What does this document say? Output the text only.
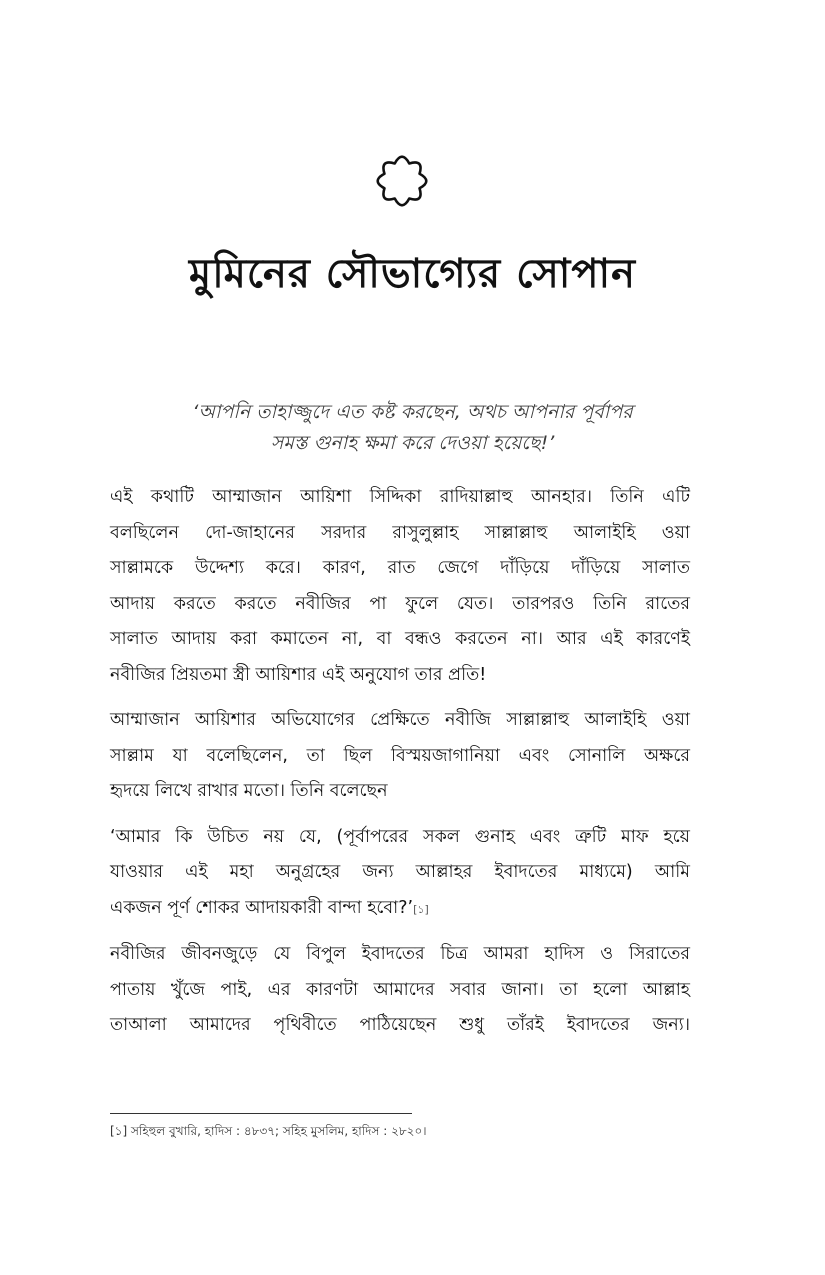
মুমিনের সৌভাগ্যের সোপান
‘আপনি তাহাজ্জুদে এত কষ্ট করছেন, অথচ আপনার পূর্বাপর
সমস্ত গুনাহ ক্ষমা করে দেওয়া হয়েছে!’

এই কথাটি আম্মাজান আয়িশা সিদ্দিকা রাদিয়াল্লাহু আনহার। তিনি এটি
বলছিলেন দো-জাহানের সরদার রাসুলুল্লাহ সাল্লাল্লাহু আলাইহি ওয়া
সাল্লামকে উদ্দেশ্য করে। কারণ, রাত জেগে দাঁড়িয়ে দাঁড়িয়ে সালাত
আদায় করতে করতে নবীজির পা ফুলে যেত। তারপরও তিনি রাতের
সালাত আদায় করা কমাতেন না, বা বন্ধও করতেন না। আর এই কারণেই
নবীজির প্রিয়তমা স্ত্রী আয়িশার এই অনুযোগ তার প্রতি!

আম্মাজান আয়িশার অভিযোগের প্রেক্ষিতে নবীজি সাল্লাল্লাহু আলাইহি ওয়া
সাল্লাম যা বলেছিলেন, তা ছিল বিস্ময়জাগানিয়া এবং সোনালি অক্ষরে
হৃদয়ে লিখে রাখার মতো। তিনি বলেছেন

‘আমার কি উচিত নয় যে, (পূর্বাপরের সকল গুনাহ এবং ত্রুটি মাফ হয়ে
যাওয়ার এই মহা অনুগ্রহের জন্য আল্লাহর ইবাদতের মাধ্যমে) আমি
একজন পূর্ণ শোকর আদায়কারী বান্দা হবো?’[১]

নবীজির জীবনজুড়ে যে বিপুল ইবাদতের চিত্র আমরা হাদিস ও সিরাতের
পাতায় খুঁজে পাই, এর কারণটা আমাদের সবার জানা। তা হলো আল্লাহ
তাআলা আমাদের পৃথিবীতে পাঠিয়েছেন শুধু তাঁরই ইবাদতের জন্য।

[১] সহিহুল বুখারি, হাদিস : ৪৮৩৭; সহিহ মুসলিম, হাদিস : ২৮২০।
